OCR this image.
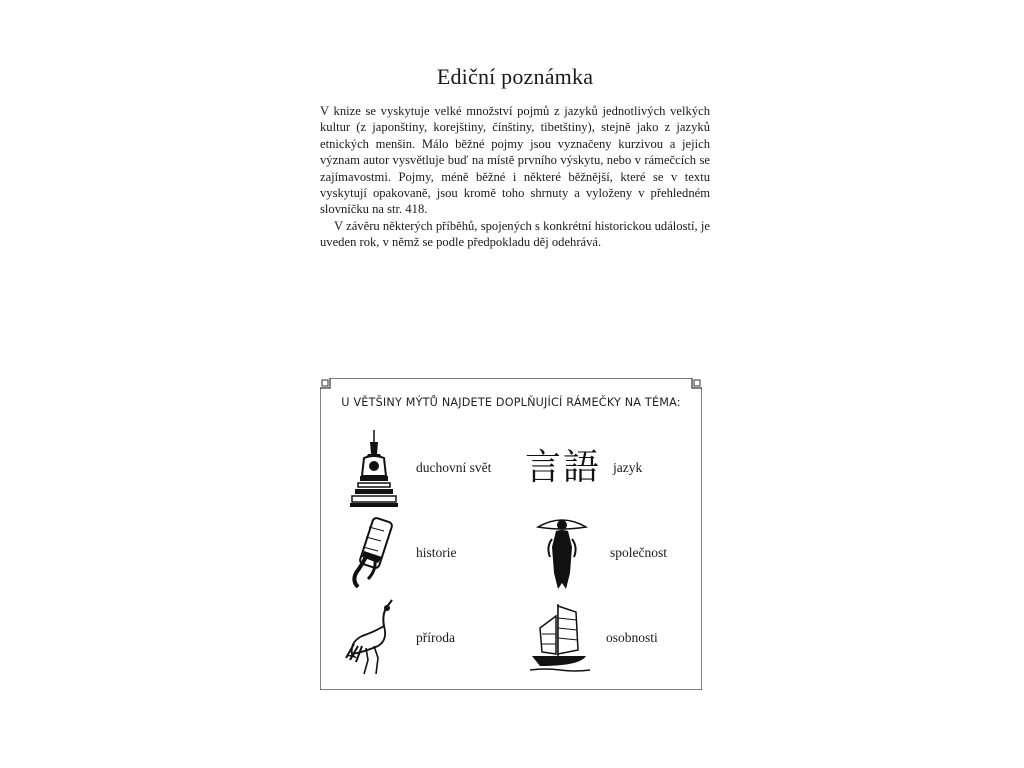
Ediční poznámka

V knize se vyskytuje velké množství pojmů z jazyků jednotlivých velkých kultur (z japonštiny, korejštiny, čínštiny, tibetštiny), stejně jako z jazyků etnických menšin. Málo běžné pojmy jsou vyznačeny kurzivou a jejich význam autor vysvětluje buď na místě prvního výskytu, nebo v rámečcích se zajímavostmi. Pojmy, méně běžné i některé běžnější, které se v textu vyskytují opakovaně, jsou kromě toho shrnuty a vyloženy v přehledném slovníčku na str. 418.

V závěru některých příběhů, spojených s konkrétní historickou událostí, je uveden rok, v němž se podle předpokladu děj odehrává.

U VĚTŠINY MÝTŮ NAJDETE DOPLŇUJÍCÍ RÁMEČKY NA TÉMA:
duchovní svět
historie
příroda
言語 jazyk
společnost
osobnosti
